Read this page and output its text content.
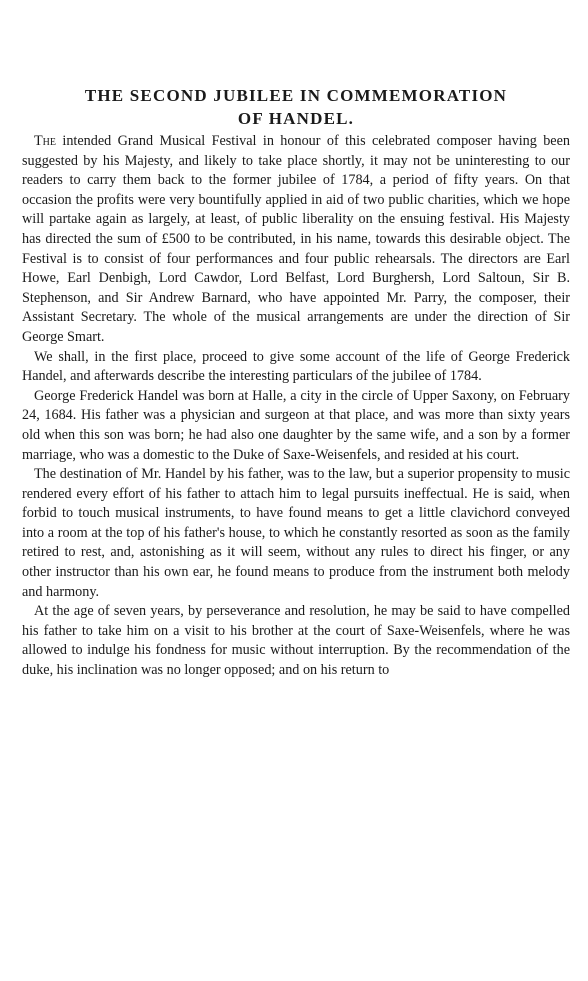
THE SECOND JUBILEE IN COMMEMORATION
OF HANDEL.

The intended Grand Musical Festival in honour of this celebrated composer having been suggested by his Majesty, and likely to take place shortly, it may not be uninteresting to our readers to carry them back to the former jubilee of 1784, a period of fifty years. On that occasion the profits were very bountifully applied in aid of two public charities, which we hope will partake again as largely, at least, of public liberality on the ensuing festival. His Majesty has directed the sum of £500 to be contributed, in his name, towards this desirable object. The Festival is to consist of four performances and four public rehearsals. The directors are Earl Howe, Earl Denbigh, Lord Cawdor, Lord Belfast, Lord Burghersh, Lord Saltoun, Sir B. Stephenson, and Sir Andrew Barnard, who have appointed Mr. Parry, the composer, their Assistant Secretary. The whole of the musical arrangements are under the direction of Sir George Smart.

We shall, in the first place, proceed to give some account of the life of George Frederick Handel, and afterwards describe the interesting particulars of the jubilee of 1784.

George Frederick Handel was born at Halle, a city in the circle of Upper Saxony, on February 24, 1684. His father was a physician and surgeon at that place, and was more than sixty years old when this son was born; he had also one daughter by the same wife, and a son by a former marriage, who was a domestic to the Duke of Saxe-Weisenfels, and resided at his court.

The destination of Mr. Handel by his father, was to the law, but a superior propensity to music rendered every effort of his father to attach him to legal pursuits ineffectual. He is said, when forbid to touch musical instruments, to have found means to get a little clavichord conveyed into a room at the top of his father's house, to which he constantly resorted as soon as the family retired to rest, and, astonishing as it will seem, without any rules to direct his finger, or any other instructor than his own ear, he found means to produce from the instrument both melody and harmony.

At the age of seven years, by perseverance and resolution, he may be said to have compelled his father to take him on a visit to his brother at the court of Saxe-Weisenfels, where he was allowed to indulge his fondness for music without interruption. By the recommendation of the duke, his inclination was no longer opposed; and on his return to
